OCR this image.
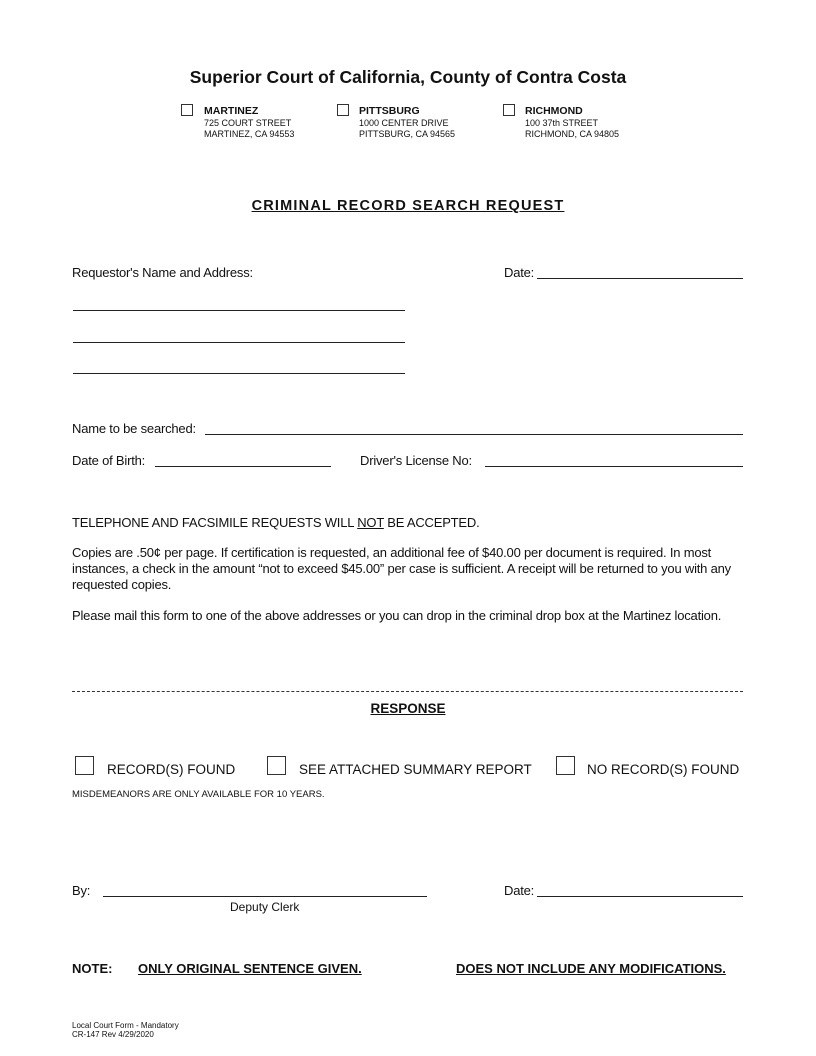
Superior Court of California, County of Contra Costa
MARTINEZ
725 COURT STREET
MARTINEZ, CA 94553
PITTSBURG
1000 CENTER DRIVE
PITTSBURG, CA 94565
RICHMOND
100 37th STREET
RICHMOND, CA 94805
CRIMINAL RECORD SEARCH REQUEST
Requestor's Name and Address:	Date:
Name to be searched:
Date of Birth:	Driver's License No:
TELEPHONE AND FACSIMILE REQUESTS WILL NOT BE ACCEPTED.
Copies are .50¢ per page. If certification is requested, an additional fee of $40.00 per document is required. In most instances, a check in the amount “not to exceed $45.00” per case is sufficient. A receipt will be returned to you with any requested copies.
Please mail this form to one of the above addresses or you can drop in the criminal drop box at the Martinez location.
RESPONSE
RECORD(S) FOUND	SEE ATTACHED SUMMARY REPORT	NO RECORD(S) FOUND
MISDEMEANORS ARE ONLY AVAILABLE FOR 10 YEARS.
By:	Date:
Deputy Clerk
NOTE: ONLY ORIGINAL SENTENCE GIVEN.	DOES NOT INCLUDE ANY MODIFICATIONS.
Local Court Form - Mandatory
CR-147 Rev 4/29/2020
